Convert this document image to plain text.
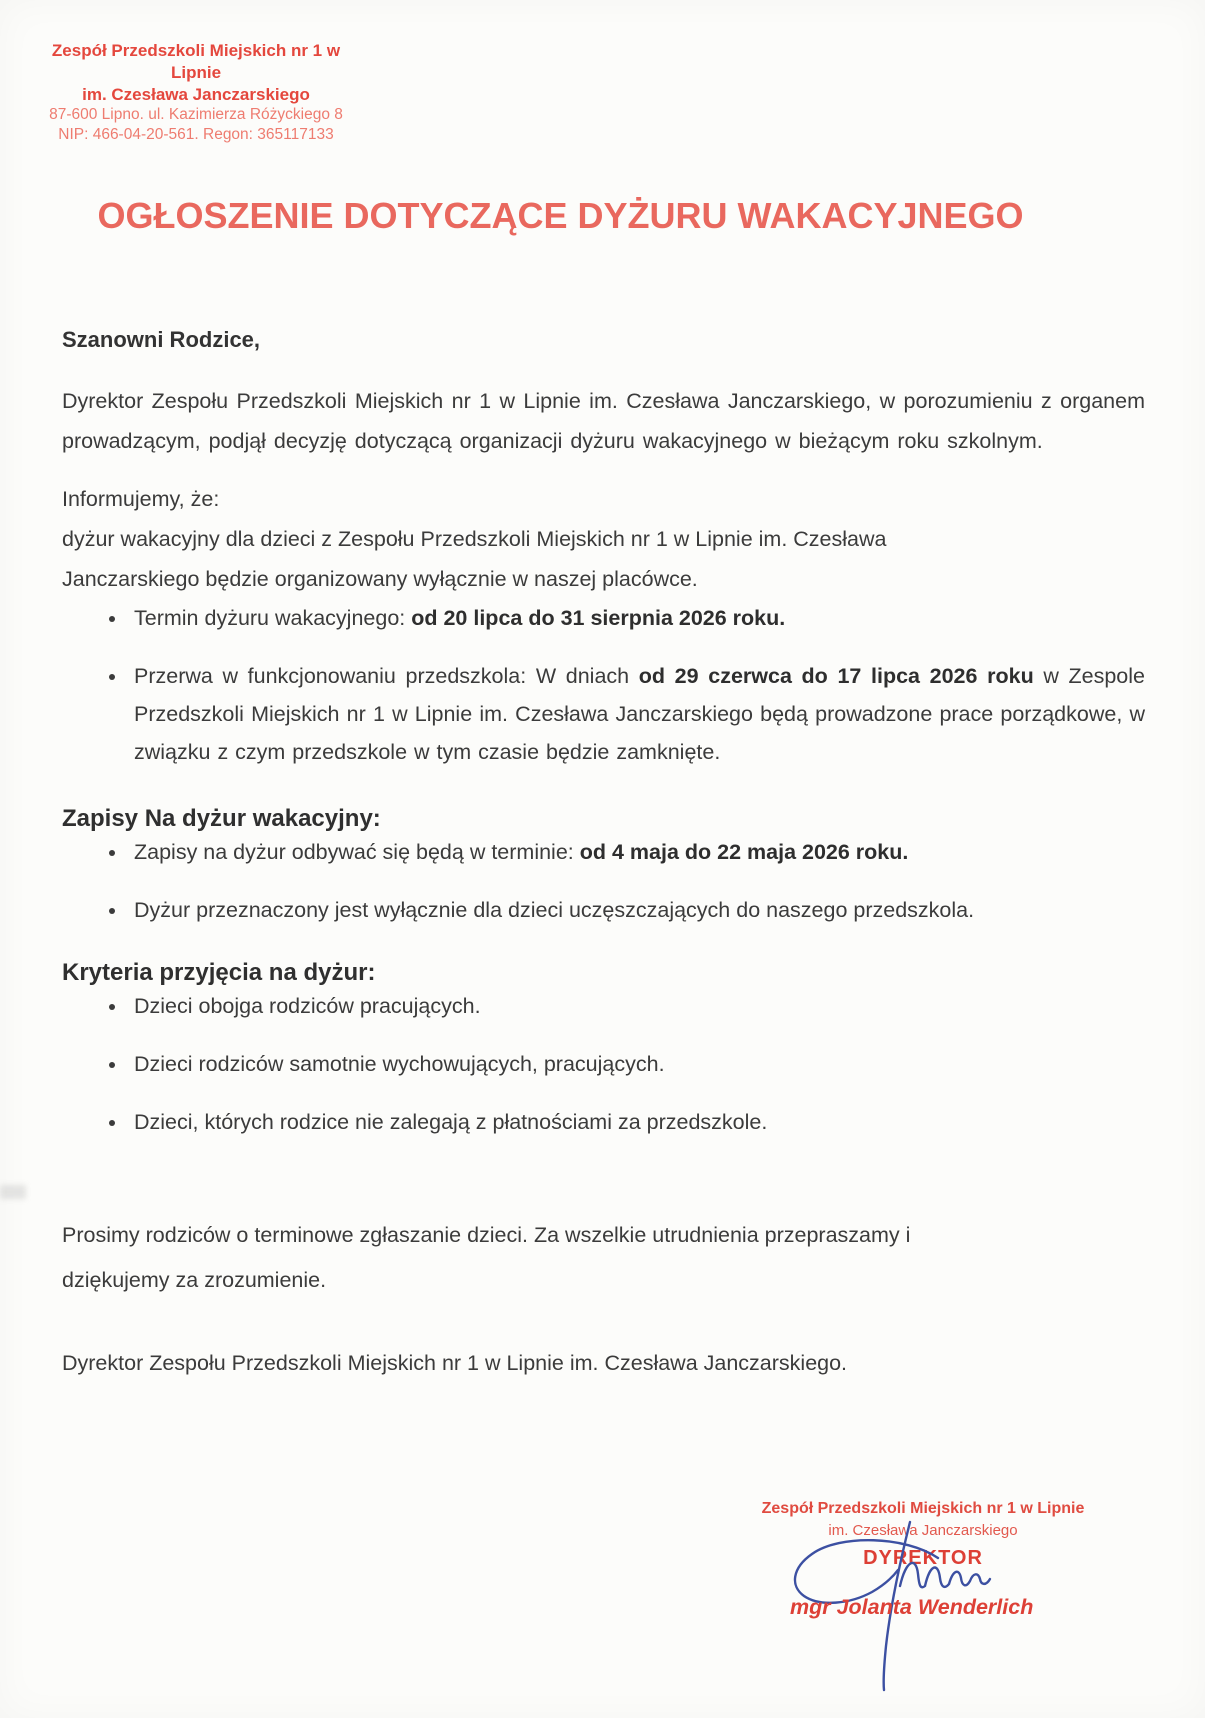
Zespół Przedszkoli Miejskich nr 1 w Lipnie
im. Czesława Janczarskiego
87-600 Lipno. ul. Kazimierza Różyckiego 8
NIP: 466-04-20-561. Regon: 365117133
OGŁOSZENIE DOTYCZĄCE DYŻURU WAKACYJNEGO
Szanowni Rodzice,
Dyrektor Zespołu Przedszkoli Miejskich nr 1 w Lipnie im. Czesława Janczarskiego, w porozumieniu z organem prowadzącym, podjął decyzję dotyczącą organizacji dyżuru wakacyjnego w bieżącym roku szkolnym.
Informujemy, że:
dyżur wakacyjny dla dzieci z Zespołu Przedszkoli Miejskich nr 1 w Lipnie im. Czesława
Janczarskiego będzie organizowany wyłącznie w naszej placówce.
• Termin dyżuru wakacyjnego: od 20 lipca do 31 sierpnia 2026 roku.
• Przerwa w funkcjonowaniu przedszkola: W dniach od 29 czerwca do 17 lipca 2026 roku w Zespole Przedszkoli Miejskich nr 1 w Lipnie im. Czesława Janczarskiego będą prowadzone prace porządkowe, w związku z czym przedszkole w tym czasie będzie zamknięte.
Zapisy Na dyżur wakacyjny:
• Zapisy na dyżur odbywać się będą w terminie: od 4 maja do 22 maja 2026 roku.
• Dyżur przeznaczony jest wyłącznie dla dzieci uczęszczających do naszego przedszkola.
Kryteria przyjęcia na dyżur:
• Dzieci obojga rodziców pracujących.
• Dzieci rodziców samotnie wychowujących, pracujących.
• Dzieci, których rodzice nie zalegają z płatnościami za przedszkole.
Prosimy rodziców o terminowe zgłaszanie dzieci. Za wszelkie utrudnienia przepraszamy i
dziękujemy za zrozumienie.
Dyrektor Zespołu Przedszkoli Miejskich nr 1 w Lipnie im. Czesława Janczarskiego.
Zespół Przedszkoli Miejskich nr 1 w Lipnie
im. Czesława Janczarskiego
DYREKTOR
mgr Jolanta Wenderlich
